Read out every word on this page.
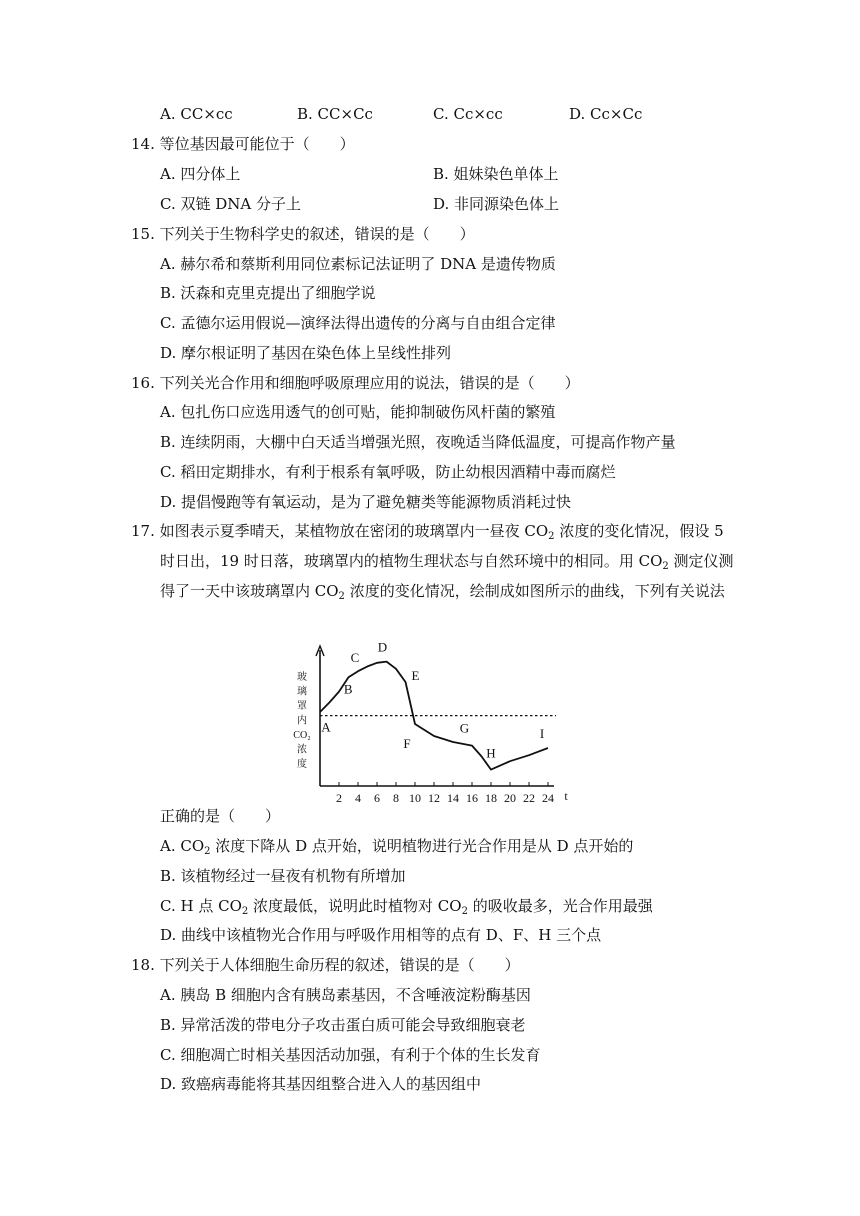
A. CC×cc	B. CC×Cc	C. Cc×cc	D. Cc×Cc
14. 等位基因最可能位于（　　）
A. 四分体上	B. 姐妹染色单体上
C. 双链 DNA 分子上	D. 非同源染色体上
15. 下列关于生物科学史的叙述，错误的是（　　）
A. 赫尔希和蔡斯利用同位素标记法证明了 DNA 是遗传物质
B. 沃森和克里克提出了细胞学说
C. 孟德尔运用假说—演绎法得出遗传的分离与自由组合定律
D. 摩尔根证明了基因在染色体上呈线性排列
16. 下列关光合作用和细胞呼吸原理应用的说法，错误的是（　　）
A. 包扎伤口应选用透气的创可贴，能抑制破伤风杆菌的繁殖
B. 连续阴雨，大棚中白天适当增强光照，夜晚适当降低温度，可提高作物产量
C. 稻田定期排水，有利于根系有氧呼吸，防止幼根因酒精中毒而腐烂
D. 提倡慢跑等有氧运动，是为了避免糖类等能源物质消耗过快
17. 如图表示夏季晴天，某植物放在密闭的玻璃罩内一昼夜 $CO_2$ 浓度的变化情况，假设 5
时日出，19 时日落，玻璃罩内的植物生理状态与自然环境中的相同。用 $CO_2$ 测定仪测
得了一天中该玻璃罩内 $CO_2$ 浓度的变化情况，绘制成如图所示的曲线，下列有关说法
2 4 6 8 10 12 14 16 18 20 22 24 t
玻
璃
罩
内
CO₂
浓
度
A
B
C
D
E
F
G
H
I
正确的是（　　）
A. $CO_2$ 浓度下降从 D 点开始，说明植物进行光合作用是从 D 点开始的
B. 该植物经过一昼夜有机物有所增加
C. H 点 $CO_2$ 浓度最低，说明此时植物对 $CO_2$ 的吸收最多，光合作用最强
D. 曲线中该植物光合作用与呼吸作用相等的点有 D、F、H 三个点
18. 下列关于人体细胞生命历程的叙述，错误的是（　　）
A. 胰岛 B 细胞内含有胰岛素基因，不含唾液淀粉酶基因
B. 异常活泼的带电分子攻击蛋白质可能会导致细胞衰老
C. 细胞凋亡时相关基因活动加强，有利于个体的生长发育
D. 致癌病毒能将其基因组整合进入人的基因组中
